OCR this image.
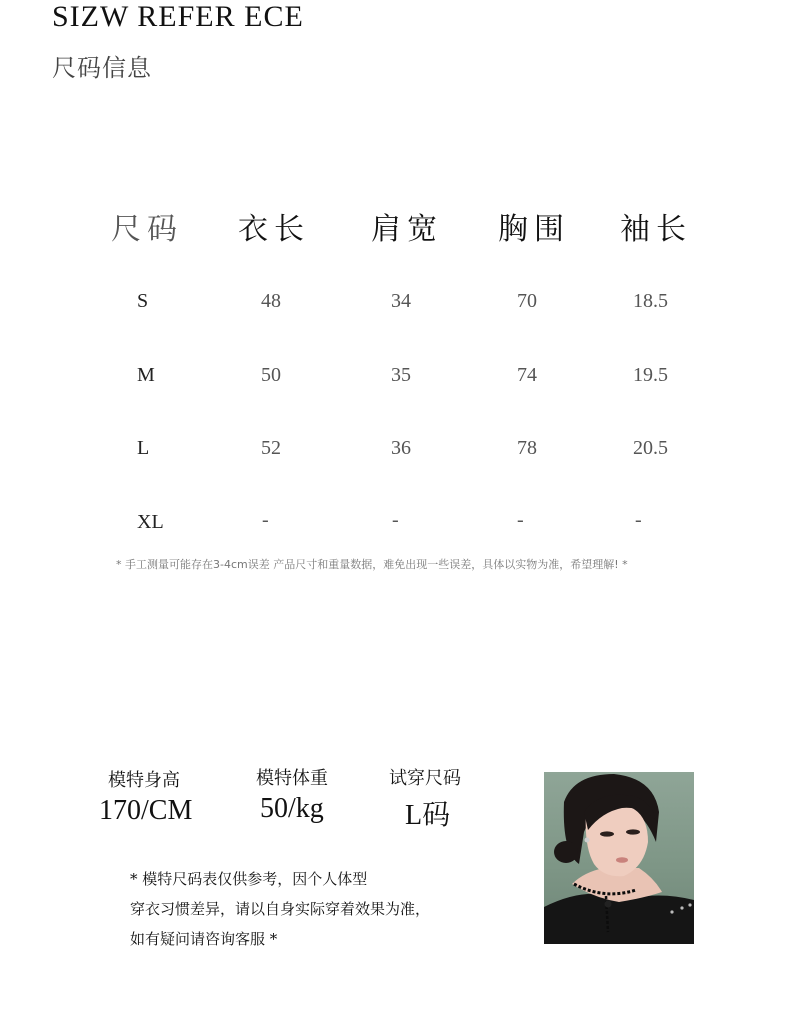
SIZW REFER ECE
尺码信息
尺码 衣长 肩宽 胸围 袖长
S	48	34	70	18.5
M	50	35	74	19.5
L	52	36	78	20.5
XL	-	-	-	-
* 手工测量可能存在3-4cm误差 产品尺寸和重量数据，难免出现一些误差，具体以实物为准，希望理解! *
模特身高
170/CM
模特体重
50/kg
试穿尺码
L码
* 模特尺码表仅供参考，因个人体型
穿衣习惯差异，请以自身实际穿着效果为准，
如有疑问请咨询客服 *
